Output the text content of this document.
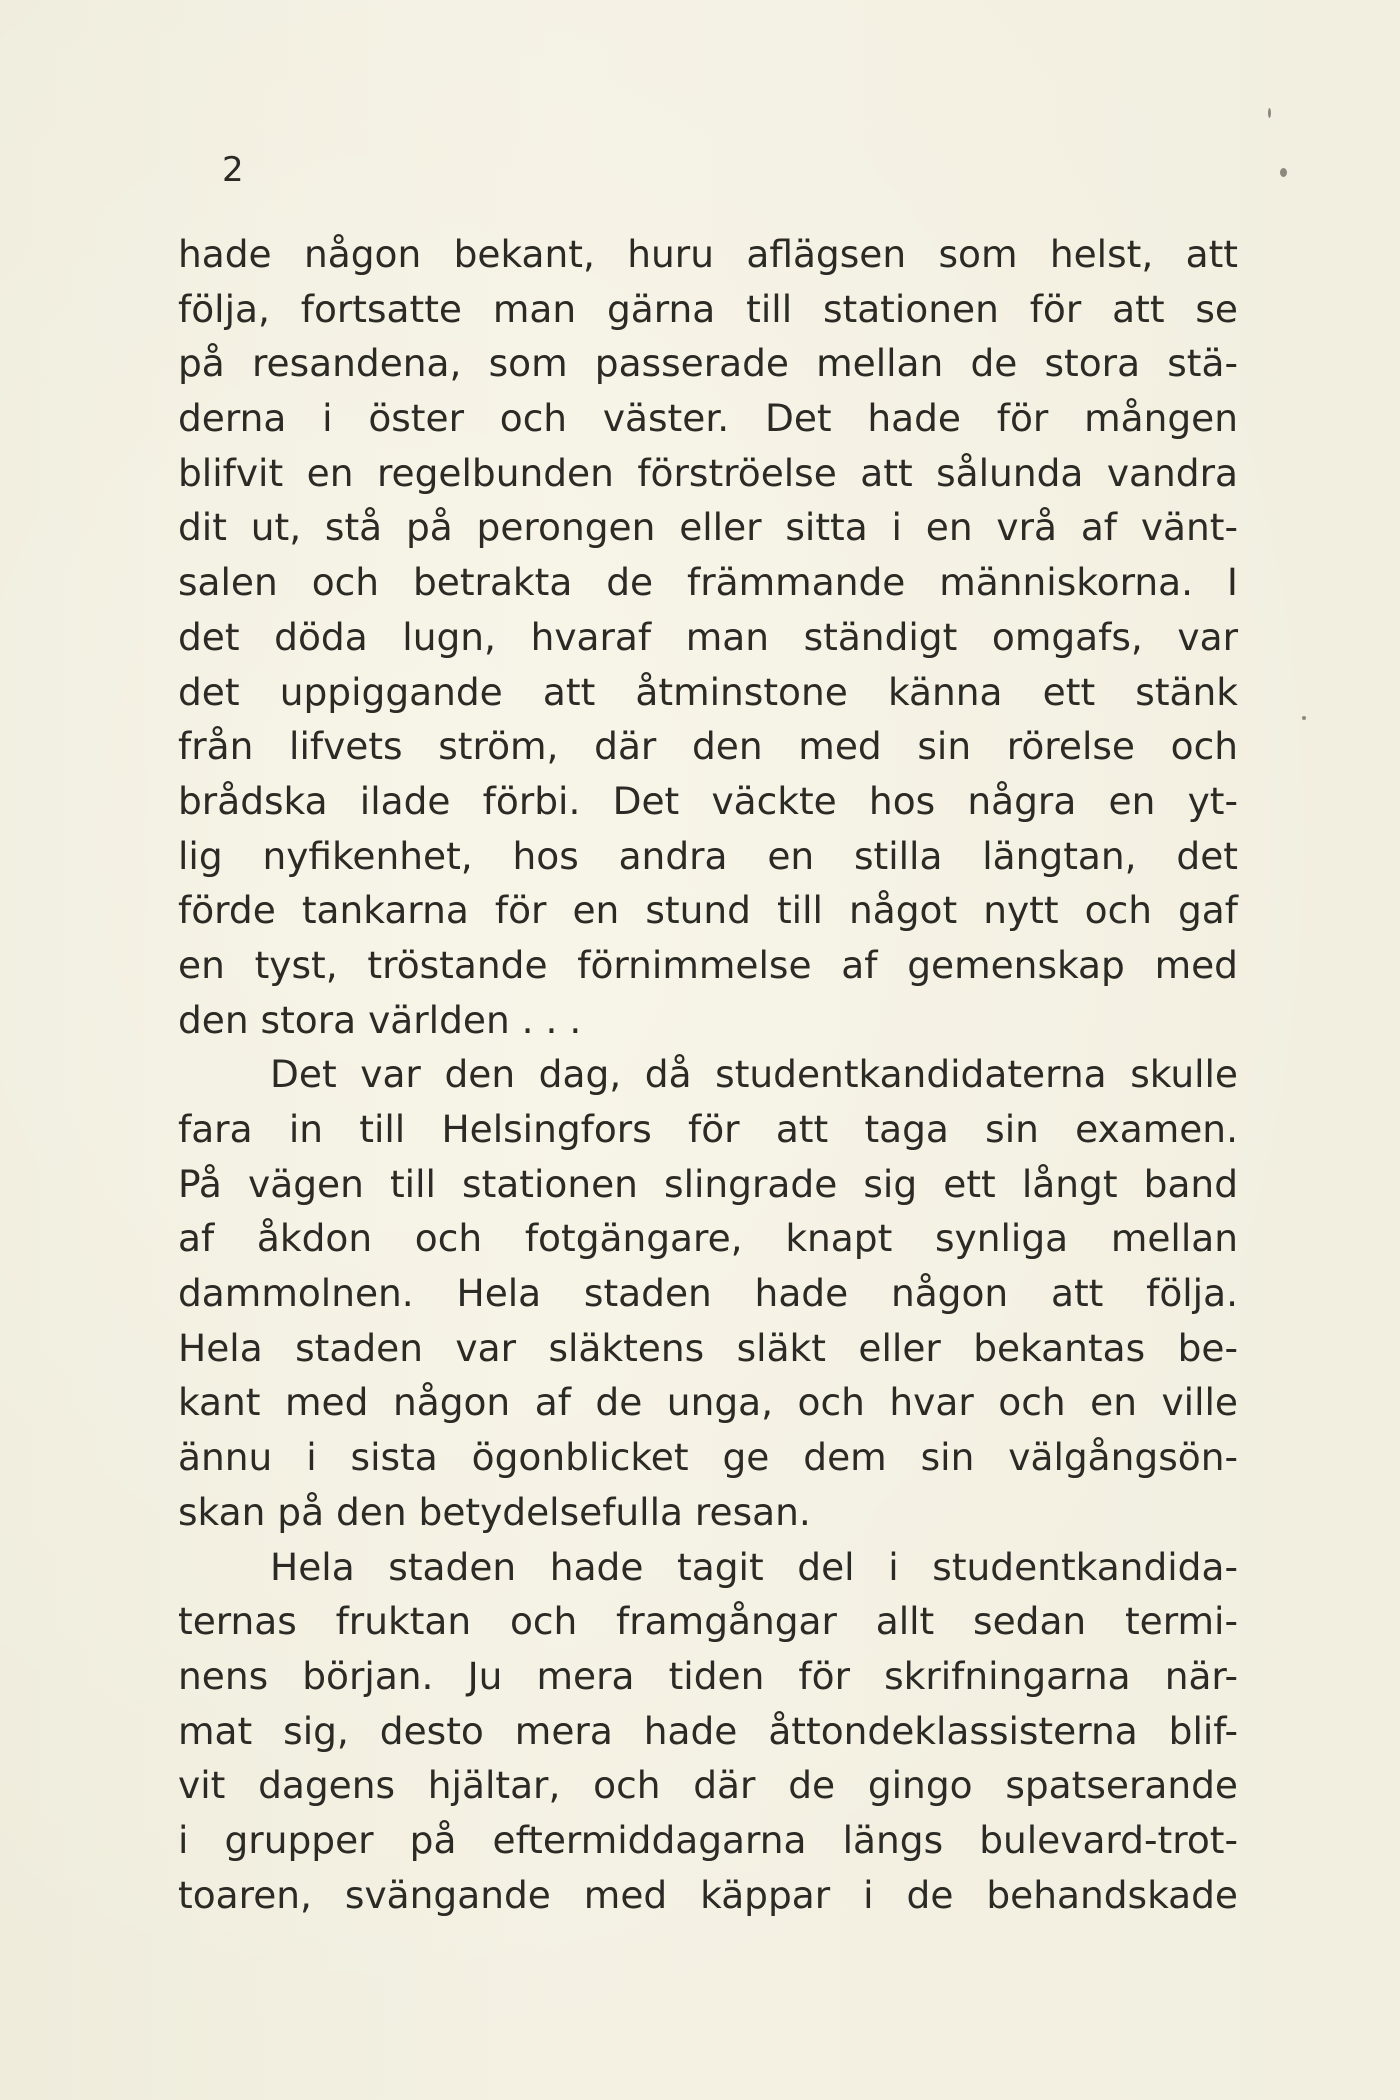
2
hade någon bekant, huru aflägsen som helst, att
följa, fortsatte man gärna till stationen för att se
på resandena, som passerade mellan de stora stä-
derna i öster och väster. Det hade för mången
blifvit en regelbunden förströelse att sålunda vandra
dit ut, stå på perongen eller sitta i en vrå af vänt-
salen och betrakta de främmande människorna. I
det döda lugn, hvaraf man ständigt omgafs, var
det uppiggande att åtminstone känna ett stänk
från lifvets ström, där den med sin rörelse och
brådska ilade förbi. Det väckte hos några en yt-
lig nyfikenhet, hos andra en stilla längtan, det
förde tankarna för en stund till något nytt och gaf
en tyst, tröstande förnimmelse af gemenskap med
den stora världen . . .
Det var den dag, då studentkandidaterna skulle
fara in till Helsingfors för att taga sin examen.
På vägen till stationen slingrade sig ett långt band
af åkdon och fotgängare, knapt synliga mellan
dammolnen. Hela staden hade någon att följa.
Hela staden var släktens släkt eller bekantas be-
kant med någon af de unga, och hvar och en ville
ännu i sista ögonblicket ge dem sin välgångsön-
skan på den betydelsefulla resan.
Hela staden hade tagit del i studentkandida-
ternas fruktan och framgångar allt sedan termi-
nens början. Ju mera tiden för skrifningarna när-
mat sig, desto mera hade åttondeklassisterna blif-
vit dagens hjältar, och där de gingo spatserande
i grupper på eftermiddagarna längs bulevard-trot-
toaren, svängande med käppar i de behandskade
